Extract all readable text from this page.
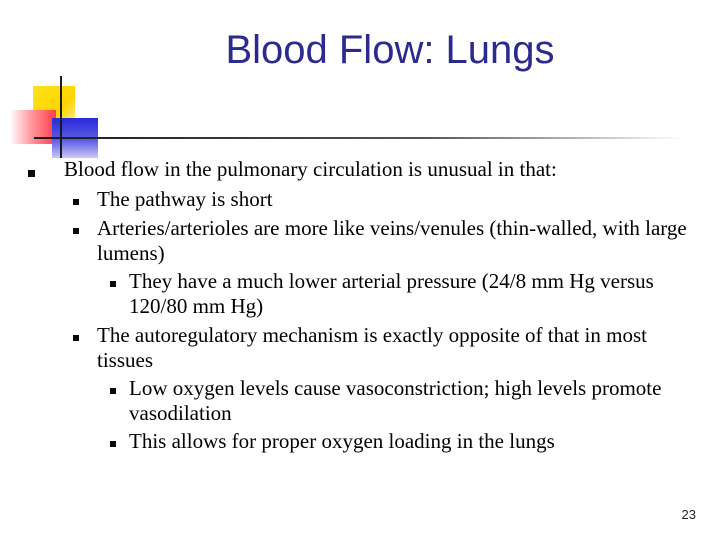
Blood Flow: Lungs
Blood flow in the pulmonary circulation is unusual in that:
The pathway is short
Arteries/arterioles are more like veins/venules (thin-walled, with large lumens)
They have a much lower arterial pressure (24/8 mm Hg versus 120/80 mm Hg)
The autoregulatory mechanism is exactly opposite of that in most tissues
Low oxygen levels cause vasoconstriction; high levels promote vasodilation
This allows for proper oxygen loading in the lungs
23
